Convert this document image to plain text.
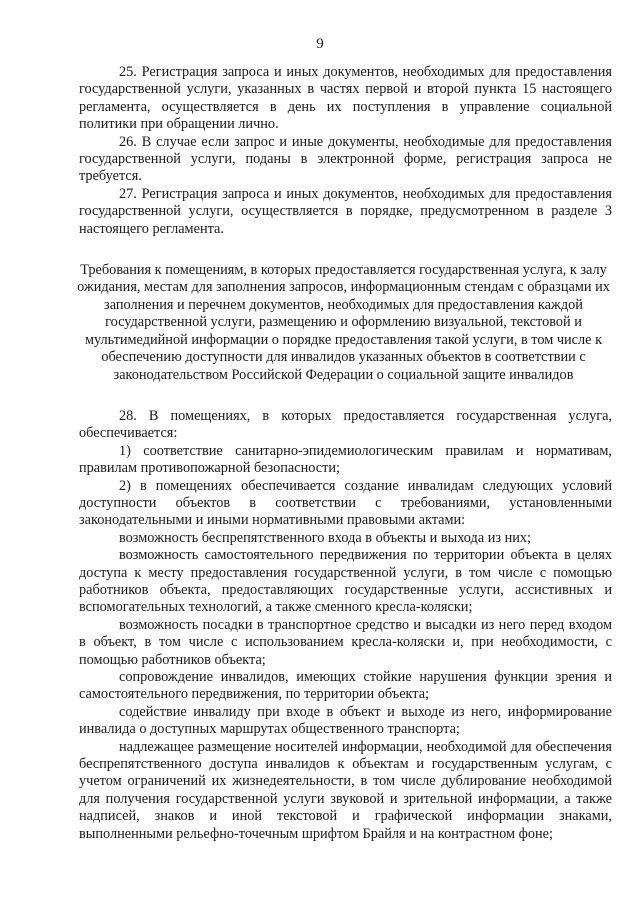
9

25. Регистрация запроса и иных документов, необходимых для предоставления государственной услуги, указанных в частях первой и второй пункта 15 настоящего регламента, осуществляется в день их поступления в управление социальной политики при обращении лично.

26. В случае если запрос и иные документы, необходимые для предоставления государственной услуги, поданы в электронной форме, регистрация запроса не требуется.

27. Регистрация запроса и иных документов, необходимых для предоставления государственной услуги, осуществляется в порядке, предусмотренном в разделе 3 настоящего регламента.

Требования к помещениям, в которых предоставляется государственная услуга, к залу ожидания, местам для заполнения запросов, информационным стендам с образцами их заполнения и перечнем документов, необходимых для предоставления каждой государственной услуги, размещению и оформлению визуальной, текстовой и мультимедийной информации о порядке предоставления такой услуги, в том числе к обеспечению доступности для инвалидов указанных объектов в соответствии с законодательством Российской Федерации о социальной защите инвалидов

28. В помещениях, в которых предоставляется государственная услуга, обеспечивается:

1) соответствие санитарно-эпидемиологическим правилам и нормативам, правилам противопожарной безопасности;

2) в помещениях обеспечивается создание инвалидам следующих условий доступности объектов в соответствии с требованиями, установленными законодательными и иными нормативными правовыми актами:

возможность беспрепятственного входа в объекты и выхода из них;

возможность самостоятельного передвижения по территории объекта в целях доступа к месту предоставления государственной услуги, в том числе с помощью работников объекта, предоставляющих государственные услуги, ассистивных и вспомогательных технологий, а также сменного кресла-коляски;

возможность посадки в транспортное средство и высадки из него перед входом в объект, в том числе с использованием кресла-коляски и, при необходимости, с помощью работников объекта;

сопровождение инвалидов, имеющих стойкие нарушения функции зрения и самостоятельного передвижения, по территории объекта;

содействие инвалиду при входе в объект и выходе из него, информирование инвалида о доступных маршрутах общественного транспорта;

надлежащее размещение носителей информации, необходимой для обеспечения беспрепятственного доступа инвалидов к объектам и государственным услугам, с учетом ограничений их жизнедеятельности, в том числе дублирование необходимой для получения государственной услуги звуковой и зрительной информации, а также надписей, знаков и иной текстовой и графической информации знаками, выполненными рельефно-точечным шрифтом Брайля и на контрастном фоне;
